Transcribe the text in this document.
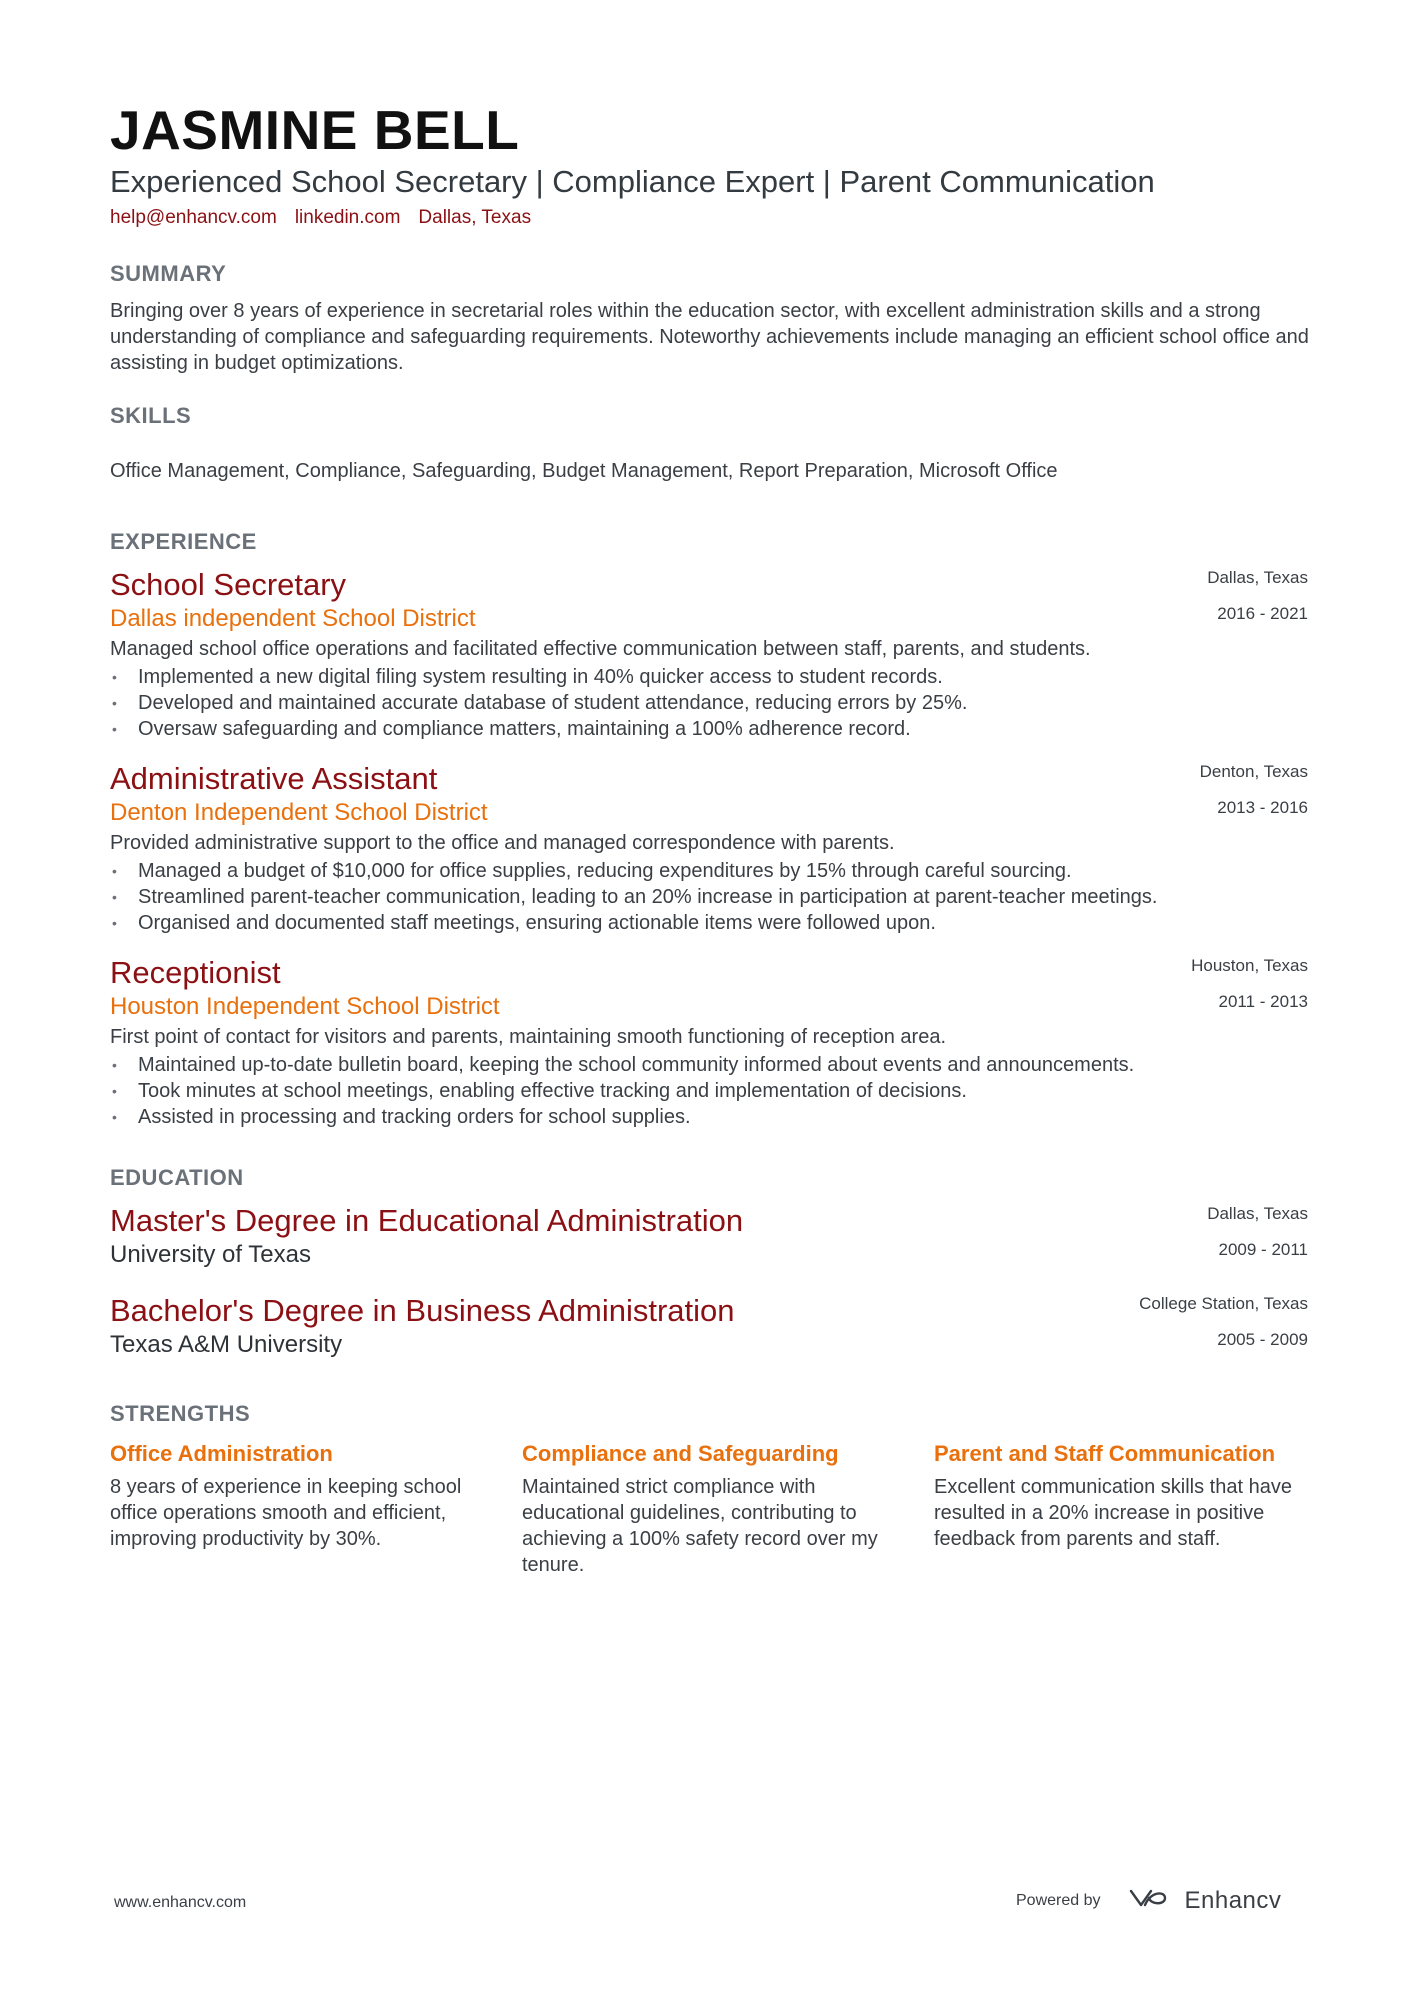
JASMINE BELL
Experienced School Secretary | Compliance Expert | Parent Communication
help@enhancv.com linkedin.com Dallas, Texas
SUMMARY

Bringing over 8 years of experience in secretarial roles within the education sector, with excellent administration skills and a strong understanding of compliance and safeguarding requirements. Noteworthy achievements include managing an efficient school office and assisting in budget optimizations.

SKILLS

Office Management, Compliance, Safeguarding, Budget Management, Report Preparation, Microsoft Office

EXPERIENCE
School Secretary
Dallas independent School District
Dallas, Texas
2016 - 2021
Managed school office operations and facilitated effective communication between staff, parents, and students.
• Implemented a new digital filing system resulting in 40% quicker access to student records.
• Developed and maintained accurate database of student attendance, reducing errors by 25%.
• Oversaw safeguarding and compliance matters, maintaining a 100% adherence record.
Administrative Assistant
Denton Independent School District
Denton, Texas
2013 - 2016
Provided administrative support to the office and managed correspondence with parents.
• Managed a budget of $10,000 for office supplies, reducing expenditures by 15% through careful sourcing.
• Streamlined parent-teacher communication, leading to an 20% increase in participation at parent-teacher meetings.
• Organised and documented staff meetings, ensuring actionable items were followed upon.
Receptionist
Houston Independent School District
Houston, Texas
2011 - 2013
First point of contact for visitors and parents, maintaining smooth functioning of reception area.
• Maintained up-to-date bulletin board, keeping the school community informed about events and announcements.
• Took minutes at school meetings, enabling effective tracking and implementation of decisions.
• Assisted in processing and tracking orders for school supplies.
EDUCATION
Master's Degree in Educational Administration
University of Texas
Dallas, Texas
2009 - 2011
Bachelor's Degree in Business Administration
Texas A&M University
College Station, Texas
2005 - 2009
STRENGTHS
Office Administration
8 years of experience in keeping school office operations smooth and efficient, improving productivity by 30%.
Compliance and Safeguarding
Maintained strict compliance with educational guidelines, contributing to achieving a 100% safety record over my tenure.
Parent and Staff Communication
Excellent communication skills that have resulted in a 20% increase in positive feedback from parents and staff.
www.enhancv.com	Powered by	Enhancv
